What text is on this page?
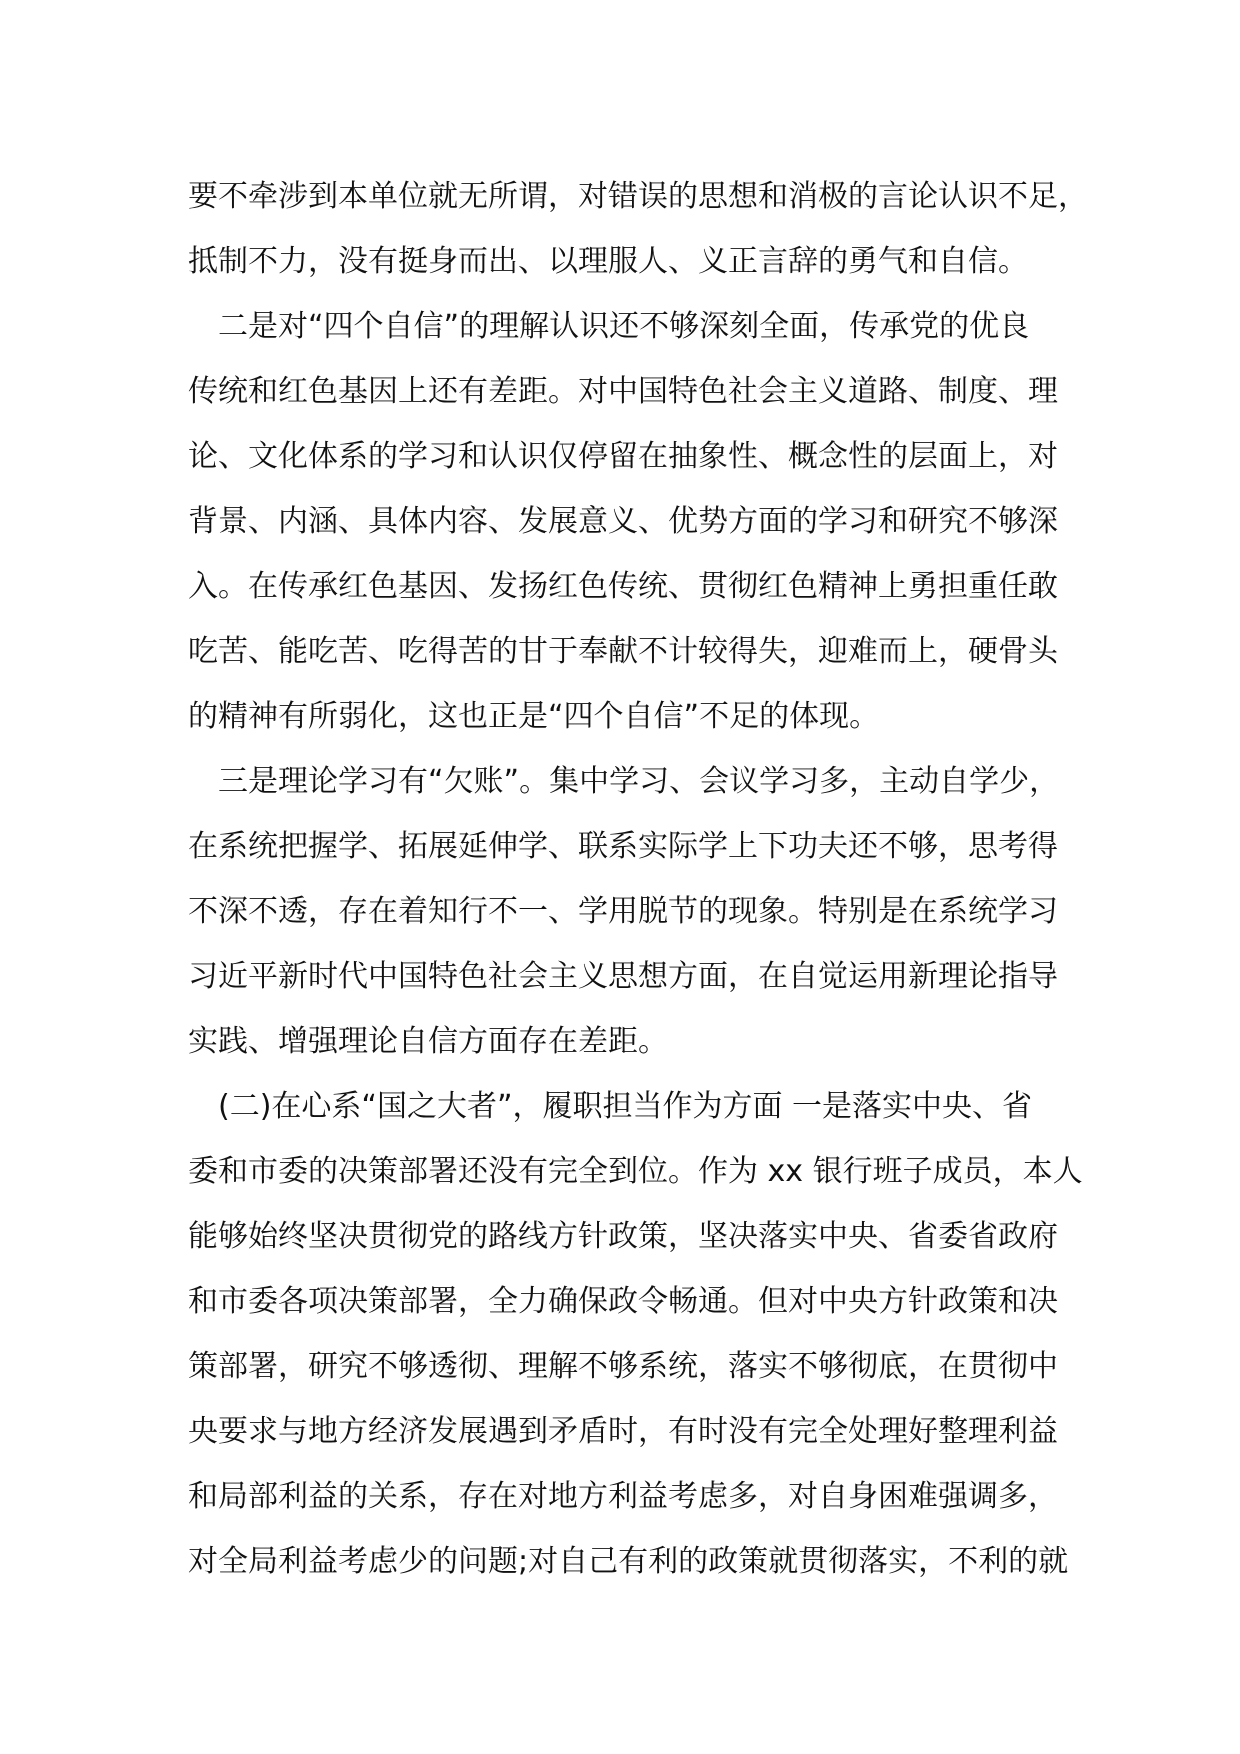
要不牵涉到本单位就无所谓，对错误的思想和消极的言论认识不足，
抵制不力，没有挺身而出、以理服人、义正言辞的勇气和自信。
　二是对“四个自信”的理解认识还不够深刻全面，传承党的优良
传统和红色基因上还有差距。对中国特色社会主义道路、制度、理
论、文化体系的学习和认识仅停留在抽象性、概念性的层面上，对
背景、内涵、具体内容、发展意义、优势方面的学习和研究不够深
入。在传承红色基因、发扬红色传统、贯彻红色精神上勇担重任敢
吃苦、能吃苦、吃得苦的甘于奉献不计较得失，迎难而上，硬骨头
的精神有所弱化，这也正是“四个自信”不足的体现。
　三是理论学习有“欠账”。集中学习、会议学习多，主动自学少，
在系统把握学、拓展延伸学、联系实际学上下功夫还不够，思考得
不深不透，存在着知行不一、学用脱节的现象。特别是在系统学习
习近平新时代中国特色社会主义思想方面，在自觉运用新理论指导
实践、增强理论自信方面存在差距。
　(二)在心系“国之大者”，履职担当作为方面 一是落实中央、省
委和市委的决策部署还没有完全到位。作为 xx 银行班子成员，本人
能够始终坚决贯彻党的路线方针政策，坚决落实中央、省委省政府
和市委各项决策部署，全力确保政令畅通。但对中央方针政策和决
策部署，研究不够透彻、理解不够系统，落实不够彻底，在贯彻中
央要求与地方经济发展遇到矛盾时，有时没有完全处理好整理利益
和局部利益的关系，存在对地方利益考虑多，对自身困难强调多，
对全局利益考虑少的问题;对自己有利的政策就贯彻落实，不利的就
